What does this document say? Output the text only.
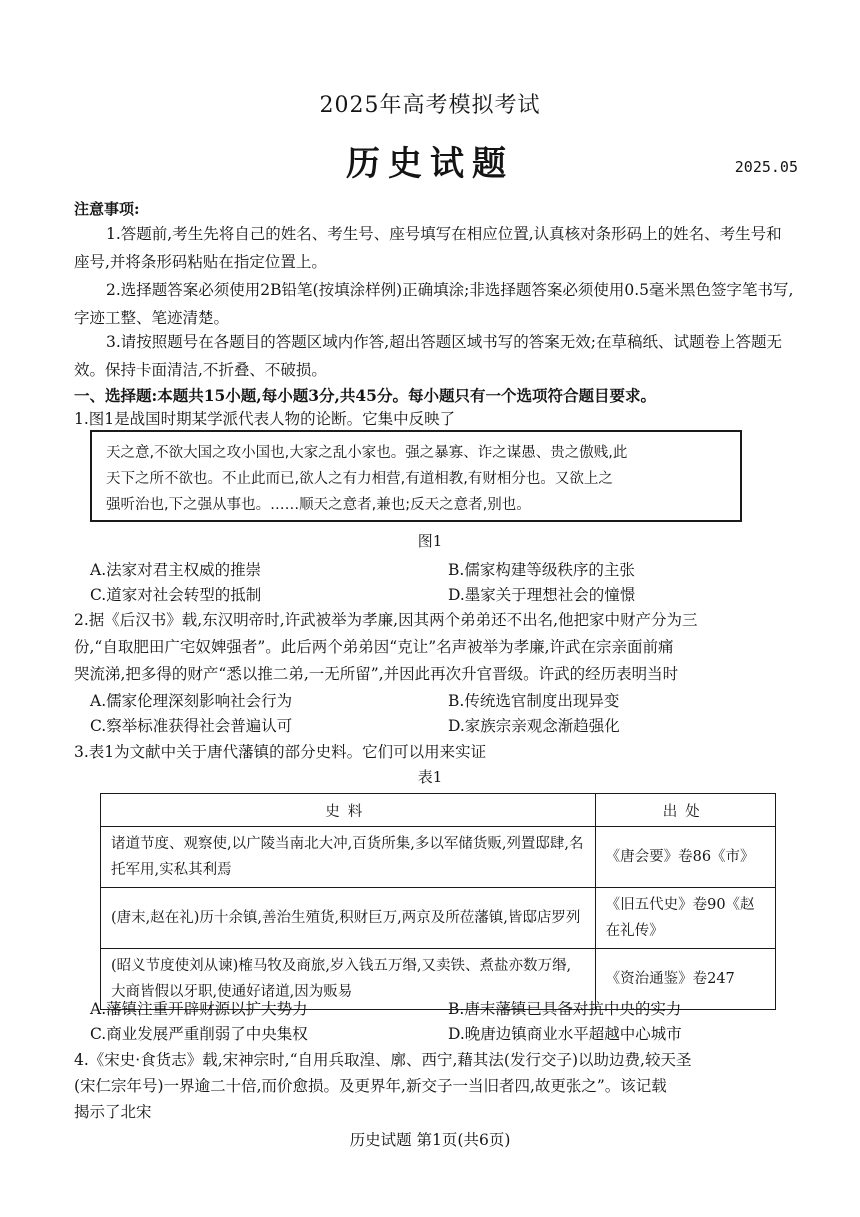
2025年高考模拟考试
历史试题	2025.05
注意事项:
1.答题前,考生先将自己的姓名、考生号、座号填写在相应位置,认真核对条形码上的姓名、考生号和座号,并将条形码粘贴在指定位置上。
2.选择题答案必须使用2B铅笔(按填涂样例)正确填涂;非选择题答案必须使用0.5毫米黑色签字笔书写,字迹工整、笔迹清楚。
3.请按照题号在各题目的答题区域内作答,超出答题区域书写的答案无效;在草稿纸、试题卷上答题无效。保持卡面清洁,不折叠、不破损。
一、选择题:本题共15小题,每小题3分,共45分。每小题只有一个选项符合题目要求。
1.图1是战国时期某学派代表人物的论断。它集中反映了

天之意,不欲大国之攻小国也,大家之乱小家也。强之暴寡、诈之谋愚、贵之傲贱,此

天下之所不欲也。不止此而已,欲人之有力相营,有道相教,有财相分也。又欲上之

强听治也,下之强从事也。……顺天之意者,兼也;反天之意者,别也。

图1
A.法家对君主权威的推崇	B.儒家构建等级秩序的主张
C.道家对社会转型的抵制	D.墨家关于理想社会的憧憬
2.据《后汉书》载,东汉明帝时,许武被举为孝廉,因其两个弟弟还不出名,他把家中财产分为三
份,“自取肥田广宅奴婢强者”。此后两个弟弟因“克让”名声被举为孝廉,许武在宗亲面前痛
哭流涕,把多得的财产“悉以推二弟,一无所留”,并因此再次升官晋级。许武的经历表明当时
A.儒家伦理深刻影响社会行为	B.传统选官制度出现异变
C.察举标准获得社会普遍认可	D.家族宗亲观念渐趋强化
3.表1为文献中关于唐代藩镇的部分史料。它们可以用来实证
表1
史料	出处
诸道节度、观察使,以广陵当南北大冲,百货所集,多以军储货贩,列置邸肆,名托军用,实私其利焉	《唐会要》卷86《市》
(唐末,赵在礼)历十余镇,善治生殖货,积财巨万,两京及所莅藩镇,皆邸店罗列	《旧五代史》卷90《赵在礼传》
(昭义节度使刘从谏)榷马牧及商旅,岁入钱五万缗,又卖铁、煮盐亦数万缗,大商皆假以牙职,使通好诸道,因为贩易	《资治通鉴》卷247
A.藩镇注重开辟财源以扩大势力	B.唐末藩镇已具备对抗中央的实力
C.商业发展严重削弱了中央集权	D.晚唐边镇商业水平超越中心城市
4.《宋史·食货志》载,宋神宗时,“自用兵取湟、廓、西宁,藉其法(发行交子)以助边费,较天圣
(宋仁宗年号)一界逾二十倍,而价愈损。及更界年,新交子一当旧者四,故更张之”。该记载
揭示了北宋
历史试题 第1页(共6页)
